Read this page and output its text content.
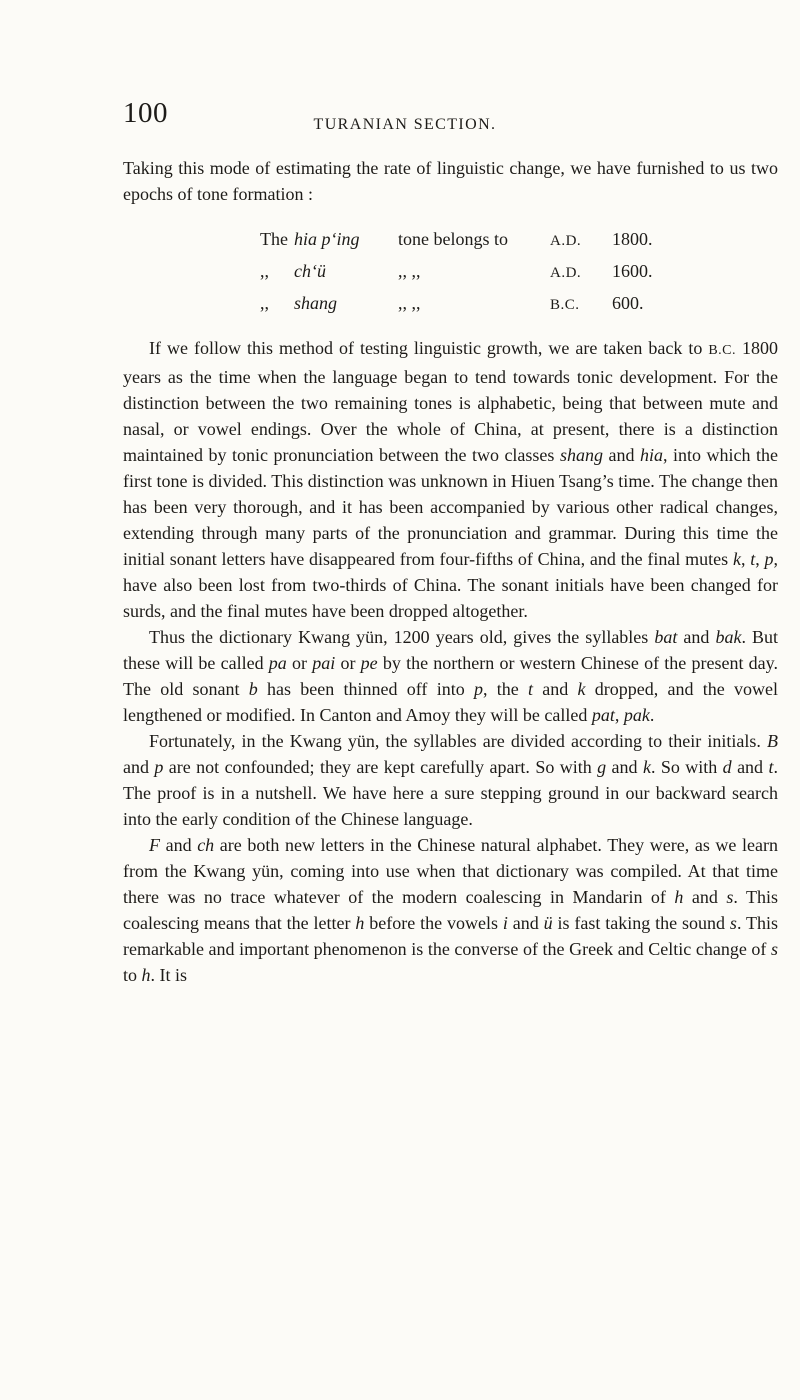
100	TURANIAN SECTION.

Taking this mode of estimating the rate of linguistic change, we have furnished to us two epochs of tone formation :

The hia p‘ing tone belongs to	A.D. 1800.
,, ch‘ü	,, ,,	A.D. 1600.
,, shang	,, ,,	B.C. 600.

If we follow this method of testing linguistic growth, we are taken back to B.C. 1800 years as the time when the language began to tend towards tonic development. For the distinction between the two remaining tones is alphabetic, being that between mute and nasal, or vowel endings. Over the whole of China, at present, there is a distinction maintained by tonic pronunciation between the two classes shang and hia, into which the first tone is divided. This distinction was unknown in Hiuen Tsang’s time. The change then has been very thorough, and it has been accompanied by various other radical changes, extending through many parts of the pronunciation and grammar. During this time the initial sonant letters have disappeared from four-fifths of China, and the final mutes k, t, p, have also been lost from two-thirds of China. The sonant initials have been changed for surds, and the final mutes have been dropped altogether.

Thus the dictionary Kwang yün, 1200 years old, gives the syllables bat and bak. But these will be called pa or pai or pe by the northern or western Chinese of the present day. The old sonant b has been thinned off into p, the t and k dropped, and the vowel lengthened or modified. In Canton and Amoy they will be called pat, pak.

Fortunately, in the Kwang yün, the syllables are divided according to their initials. B and p are not confounded; they are kept carefully apart. So with g and k. So with d and t. The proof is in a nutshell. We have here a sure stepping ground in our backward search into the early condition of the Chinese language.

F and ch are both new letters in the Chinese natural alphabet. They were, as we learn from the Kwang yün, coming into use when that dictionary was compiled. At that time there was no trace whatever of the modern coalescing in Mandarin of h and s. This coalescing means that the letter h before the vowels i and ü is fast taking the sound s. This remarkable and important phenomenon is the converse of the Greek and Celtic change of s to h. It is
